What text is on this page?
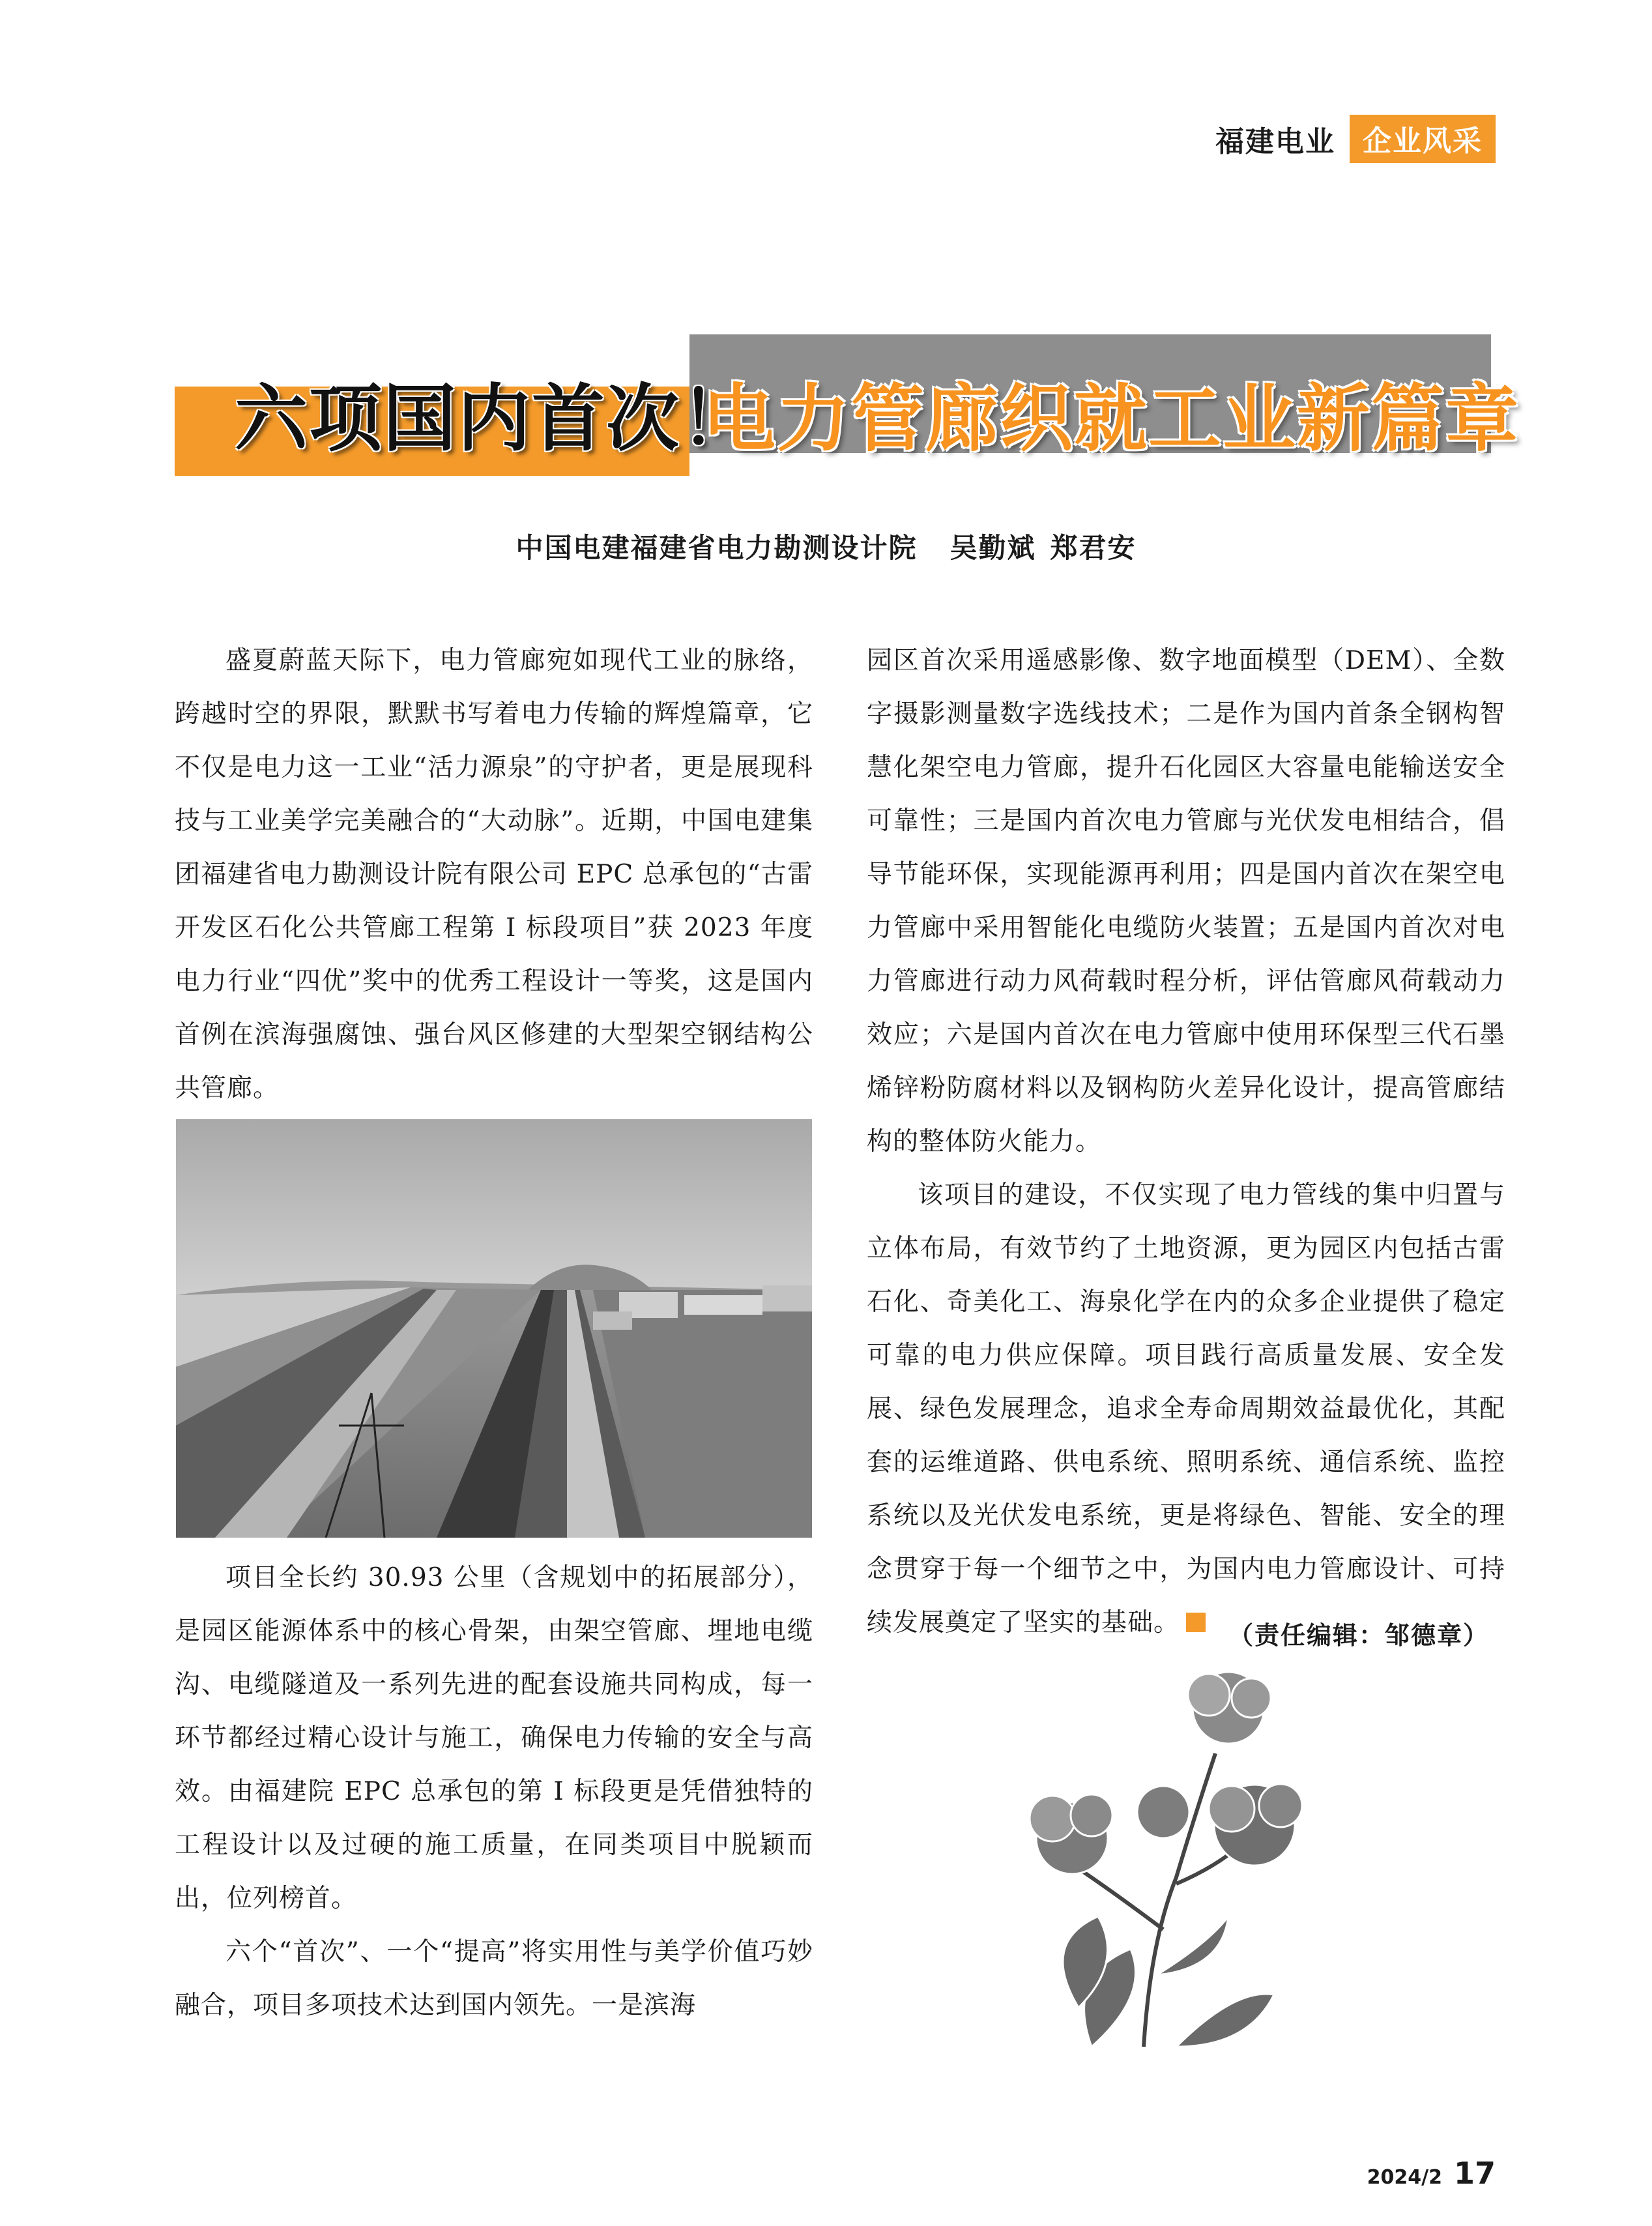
福建电业 企业风采
六项国内首次！
电力管廊织就工业新篇章
中国电建福建省电力勘测设计院 吴勤斌 郑君安

盛夏蔚蓝天际下，电力管廊宛如现代工业的脉络，跨越时空的界限，默默书写着电力传输的辉煌篇章，它不仅是电力这一工业“活力源泉”的守护者，更是展现科技与工业美学完美融合的“大动脉”。近期，中国电建集团福建省电力勘测设计院有限公司 EPC 总承包的“古雷开发区石化公共管廊工程第 I 标段项目”获 2023 年度电力行业“四优”奖中的优秀工程设计一等奖，这是国内首例在滨海强腐蚀、强台风区修建的大型架空钢结构公共管廊。

项目全长约 30.93 公里（含规划中的拓展部分），是园区能源体系中的核心骨架，由架空管廊、埋地电缆沟、电缆隧道及一系列先进的配套设施共同构成，每一环节都经过精心设计与施工，确保电力传输的安全与高效。由福建院 EPC 总承包的第 I 标段更是凭借独特的工程设计以及过硬的施工质量，在同类项目中脱颖而出，位列榜首。

六个“首次”、一个“提高”将实用性与美学价值巧妙融合，项目多项技术达到国内领先。一是滨海

园区首次采用遥感影像、数字地面模型（DEM）、全数字摄影测量数字选线技术；二是作为国内首条全钢构智慧化架空电力管廊，提升石化园区大容量电能输送安全可靠性；三是国内首次电力管廊与光伏发电相结合，倡导节能环保，实现能源再利用；四是国内首次在架空电力管廊中采用智能化电缆防火装置；五是国内首次对电力管廊进行动力风荷载时程分析，评估管廊风荷载动力效应；六是国内首次在电力管廊中使用环保型三代石墨烯锌粉防腐材料以及钢构防火差异化设计，提高管廊结构的整体防火能力。

该项目的建设，不仅实现了电力管线的集中归置与立体布局，有效节约了土地资源，更为园区内包括古雷石化、奇美化工、海泉化学在内的众多企业提供了稳定可靠的电力供应保障。项目践行高质量发展、安全发展、绿色发展理念，追求全寿命周期效益最优化，其配套的运维道路、供电系统、照明系统、通信系统、监控系统以及光伏发电系统，更是将绿色、智能、安全的理念贯穿于每一个细节之中，为国内电力管廊设计、可持续发展奠定了坚实的基础。	（责任编辑：邹德章）
2024/2 17
